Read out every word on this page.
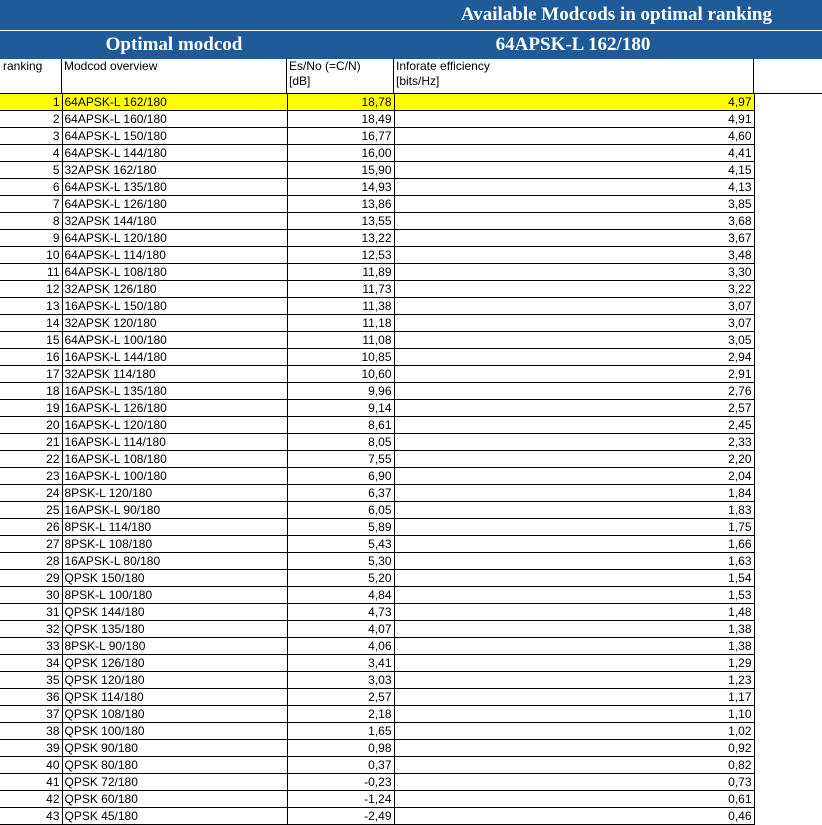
Available Modcods in optimal ranking
Optimal modcod	64APSK-L 162/180
ranking	Modcod overview	Es/No (=C/N)
[dB]
Inforate efficiency
[bits/Hz]
1	64APSK-L 162/180	18,78	4,97
2	64APSK-L 160/180	18,49	4,91
3	64APSK-L 150/180	16,77	4,60
4	64APSK-L 144/180	16,00	4,41
5	32APSK 162/180	15,90	4,15
6	64APSK-L 135/180	14,93	4,13
7	64APSK-L 126/180	13,86	3,85
8	32APSK 144/180	13,55	3,68
9	64APSK-L 120/180	13,22	3,67
10	64APSK-L 114/180	12,53	3,48
11	64APSK-L 108/180	11,89	3,30
12	32APSK 126/180	11,73	3,22
13	16APSK-L 150/180	11,38	3,07
14	32APSK 120/180	11,18	3,07
15	64APSK-L 100/180	11,08	3,05
16	16APSK-L 144/180	10,85	2,94
17	32APSK 114/180	10,60	2,91
18	16APSK-L 135/180	9,96	2,76
19	16APSK-L 126/180	9,14	2,57
20	16APSK-L 120/180	8,61	2,45
21	16APSK-L 114/180	8,05	2,33
22	16APSK-L 108/180	7,55	2,20
23	16APSK-L 100/180	6,90	2,04
24	8PSK-L 120/180	6,37	1,84
25	16APSK-L 90/180	6,05	1,83
26	8PSK-L 114/180	5,89	1,75
27	8PSK-L 108/180	5,43	1,66
28	16APSK-L 80/180	5,30	1,63
29	QPSK 150/180	5,20	1,54
30	8PSK-L 100/180	4,84	1,53
31	QPSK 144/180	4,73	1,48
32	QPSK 135/180	4,07	1,38
33	8PSK-L 90/180	4,06	1,38
34	QPSK 126/180	3,41	1,29
35	QPSK 120/180	3,03	1,23
36	QPSK 114/180	2,57	1,17
37	QPSK 108/180	2,18	1,10
38	QPSK 100/180	1,65	1,02
39	QPSK 90/180	0,98	0,92
40	QPSK 80/180	0,37	0,82
41	QPSK 72/180	-0,23	0,73
42	QPSK 60/180	-1,24	0,61
43	QPSK 45/180	-2,49	0,46
